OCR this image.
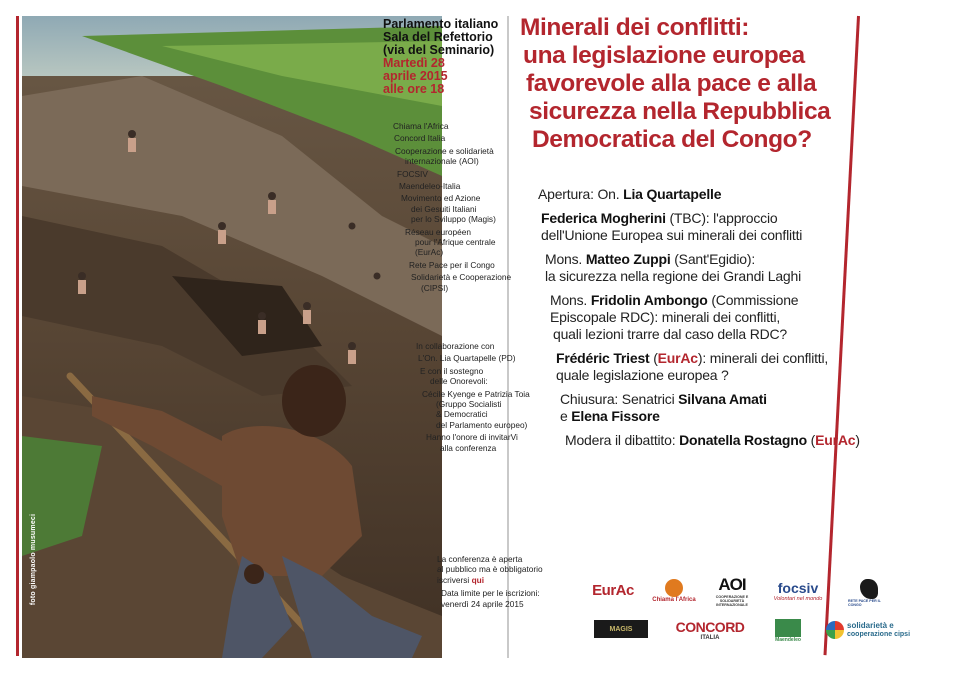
foto giampaolo musumeci
Parlamento italiano
Sala del Refettorio
(via del Seminario)
Martedì 28
aprile 2015
alle ore 18
Chiama l'Africa
Concord Italia
Cooperazione e solidarietà
internazionale (AOI)
FOCSIV
Maendeleo-Italia
Movimento ed Azione
dei Gesuiti Italiani
per lo Sviluppo (Magis)
Réseau européen
pour l'Afrique centrale
(EurAc)
Rete Pace per il Congo
Solidarietà e Cooperazione
(CIPSI)
In collaborazione con
L'On. Lia Quartapelle (PD)
E con il sostegno
delle Onorevoli:
Cécile Kyenge e Patrizia Toia
(Gruppo Socialisti
& Democratici
del Parlamento europeo)
Hanno l'onore di invitarVi
alla conferenza
La conferenza è aperta
al pubblico ma è obbligatorio
iscriversi qui
Data limite per le iscrizioni:
venerdì 24 aprile 2015
Minerali dei conflitti:
una legislazione europea
favorevole alla pace e alla
sicurezza nella Repubblica
Democratica del Congo?
Apertura: On. Lia Quartapelle
Federica Mogherini (TBC): l'approccio
dell'Unione Europea sui minerali dei conflitti
Mons. Matteo Zuppi (Sant'Egidio):
la sicurezza nella regione dei Grandi Laghi
Mons. Fridolin Ambongo (Commissione
Episcopale RDC): minerali dei conflitti,
quali lezioni trarre dal caso della RDC?
Frédéric Triest (EurAc): minerali dei conflitti,
quale legislazione europea ?
Chiusura: Senatrici Silvana Amati
e Elena Fissore
Modera il dibattito: Donatella Rostagno (EurAc)
EurAc
Chiama l'Africa
AOI
COOPERAZIONE E SOLIDARIETÀ INTERNAZIONALE
focsiv
Volontari nel mondo	RETE PACE PER IL CONGO
MAGIS	CONCORD
ITALIA	Maendeleo
solidarietà e
cooperazione cipsi
